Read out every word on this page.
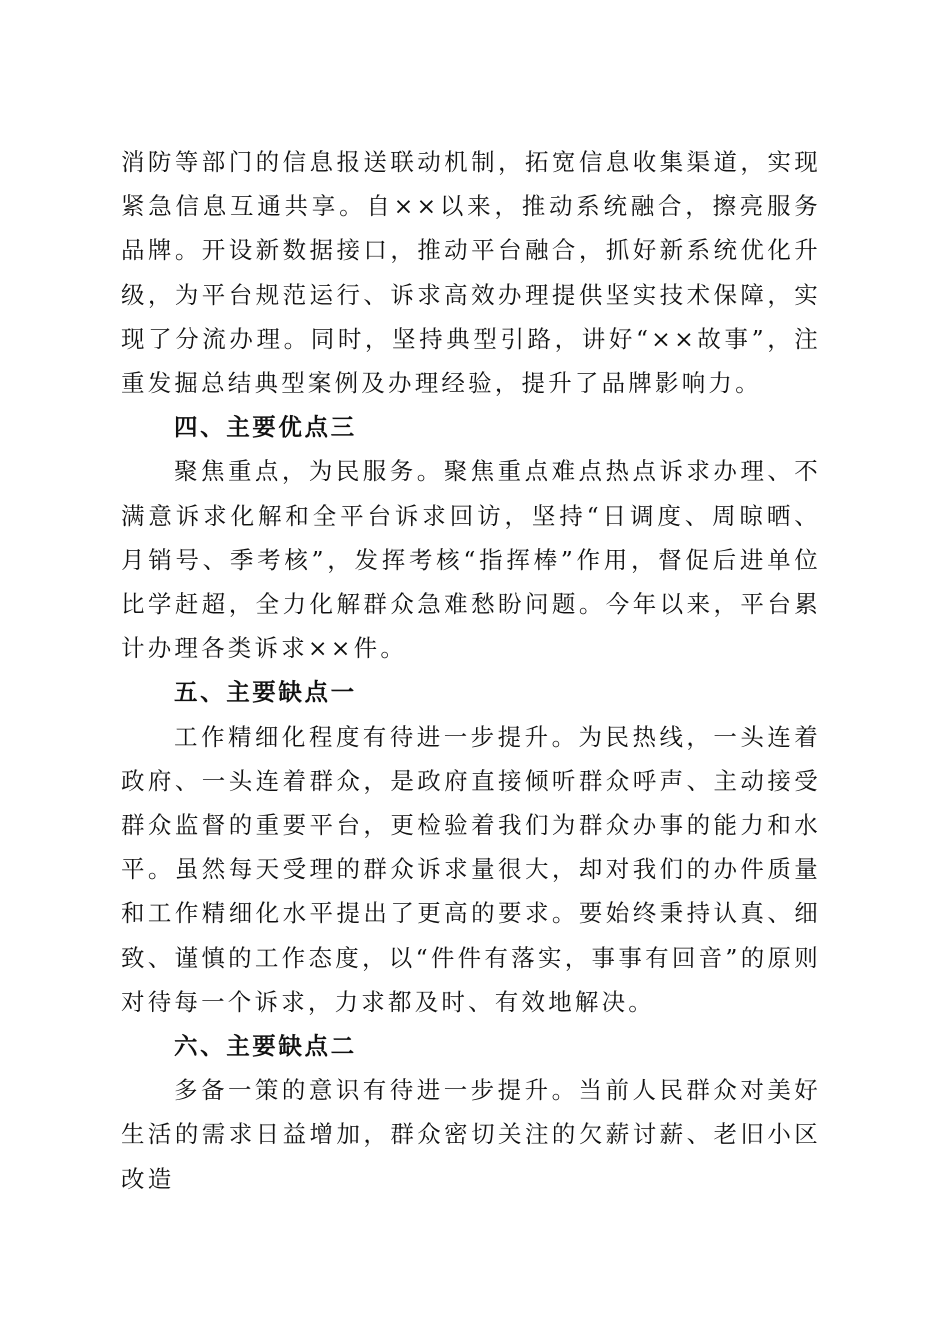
消防等部门的信息报送联动机制，拓宽信息收集渠道，实现紧急信息互通共享。自××以来，推动系统融合，擦亮服务品牌。开设新数据接口，推动平台融合，抓好新系统优化升级，为平台规范运行、诉求高效办理提供坚实技术保障，实现了分流办理。同时，坚持典型引路，讲好“××故事”，注重发掘总结典型案例及办理经验，提升了品牌影响力。

四、主要优点三

聚焦重点，为民服务。聚焦重点难点热点诉求办理、不满意诉求化解和全平台诉求回访，坚持“日调度、周晾晒、月销号、季考核”，发挥考核“指挥棒”作用，督促后进单位比学赶超，全力化解群众急难愁盼问题。今年以来，平台累计办理各类诉求××件。

五、主要缺点一

工作精细化程度有待进一步提升。为民热线，一头连着政府、一头连着群众，是政府直接倾听群众呼声、主动接受群众监督的重要平台，更检验着我们为群众办事的能力和水平。虽然每天受理的群众诉求量很大，却对我们的办件质量和工作精细化水平提出了更高的要求。要始终秉持认真、细致、谨慎的工作态度，以“件件有落实，事事有回音”的原则对待每一个诉求，力求都及时、有效地解决。

六、主要缺点二

多备一策的意识有待进一步提升。当前人民群众对美好生活的需求日益增加，群众密切关注的欠薪讨薪、老旧小区改造
